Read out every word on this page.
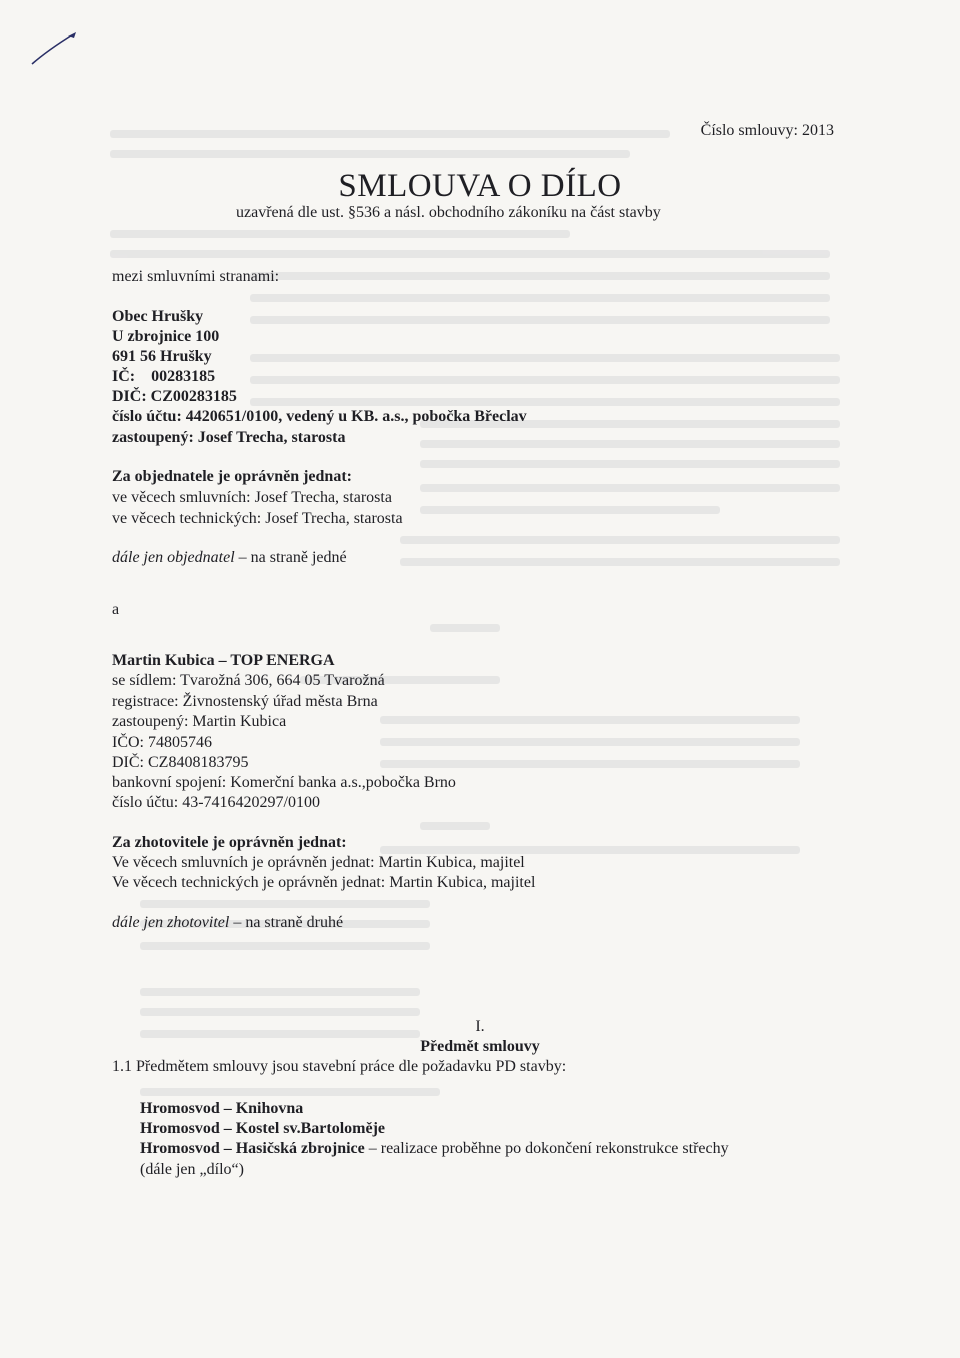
Číslo smlouvy: 2013
SMLOUVA O DÍLO
uzavřená dle ust. §536 a násl. obchodního zákoníku na část stavby
mezi smluvními stranami:
Obec Hrušky
U zbrojnice 100
691 56 Hrušky
IČ:    00283185
DIČ: CZ00283185
číslo účtu: 4420651/0100, vedený u KB. a.s., pobočka Břeclav
zastoupený: Josef Trecha, starosta
Za objednatele je oprávněn jednat:
ve věcech smluvních: Josef Trecha, starosta
ve věcech technických: Josef Trecha, starosta
dále jen objednatel – na straně jedné
a
Martin Kubica – TOP ENERGA
se sídlem: Tvarožná 306, 664 05 Tvarožná
registrace: Živnostenský úřad města Brna
zastoupený: Martin Kubica
IČO: 74805746
DIČ: CZ8408183795
bankovní spojení: Komerční banka a.s.,pobočka Brno
číslo účtu: 43-7416420297/0100
Za zhotovitele je oprávněn jednat:
Ve věcech smluvních je oprávněn jednat: Martin Kubica, majitel
Ve věcech technických je oprávněn jednat: Martin Kubica, majitel
dále jen zhotovitel – na straně druhé
I.
Předmět smlouvy
1.1 Předmětem smlouvy jsou stavební práce dle požadavku PD stavby:
Hromosvod – Knihovna
Hromosvod – Kostel sv.Bartoloměje
Hromosvod – Hasičská zbrojnice – realizace proběhne po dokončení rekonstrukce střechy
(dále jen „dílo“)
